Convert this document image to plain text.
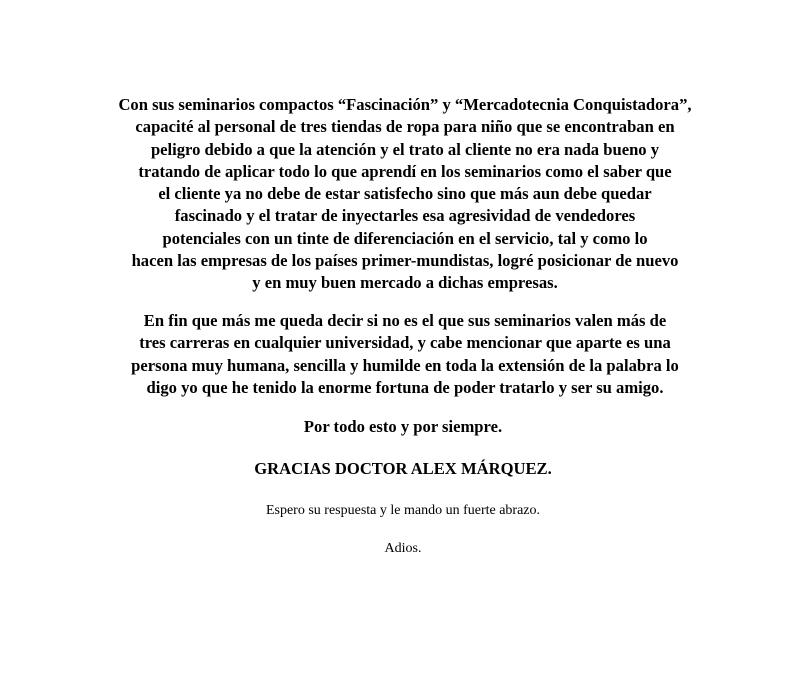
Con sus seminarios compactos “Fascinación” y “Mercadotecnia Conquistadora”,
capacité al personal de tres tiendas de ropa para niño que se encontraban en
peligro debido a que la atención y el trato al cliente no era nada bueno y
tratando de aplicar todo lo que aprendí en los seminarios como el saber que
el cliente ya no debe de estar satisfecho sino que más aun debe quedar
fascinado y el tratar de inyectarles esa agresividad de vendedores
potenciales con un tinte de diferenciación en el servicio, tal y como lo
hacen las empresas de los países primer-mundistas, logré posicionar de nuevo
y en muy buen mercado a dichas empresas.

En fin que más me queda decir si no es el que sus seminarios valen más de
tres carreras en cualquier universidad, y cabe mencionar que aparte es una
persona muy humana, sencilla y humilde en toda la extensión de la palabra lo
digo yo que he tenido la enorme fortuna de poder tratarlo y ser su amigo.

Por todo esto y por siempre.

GRACIAS DOCTOR ALEX MÁRQUEZ.

Espero su respuesta y le mando un fuerte abrazo.

Adios.
